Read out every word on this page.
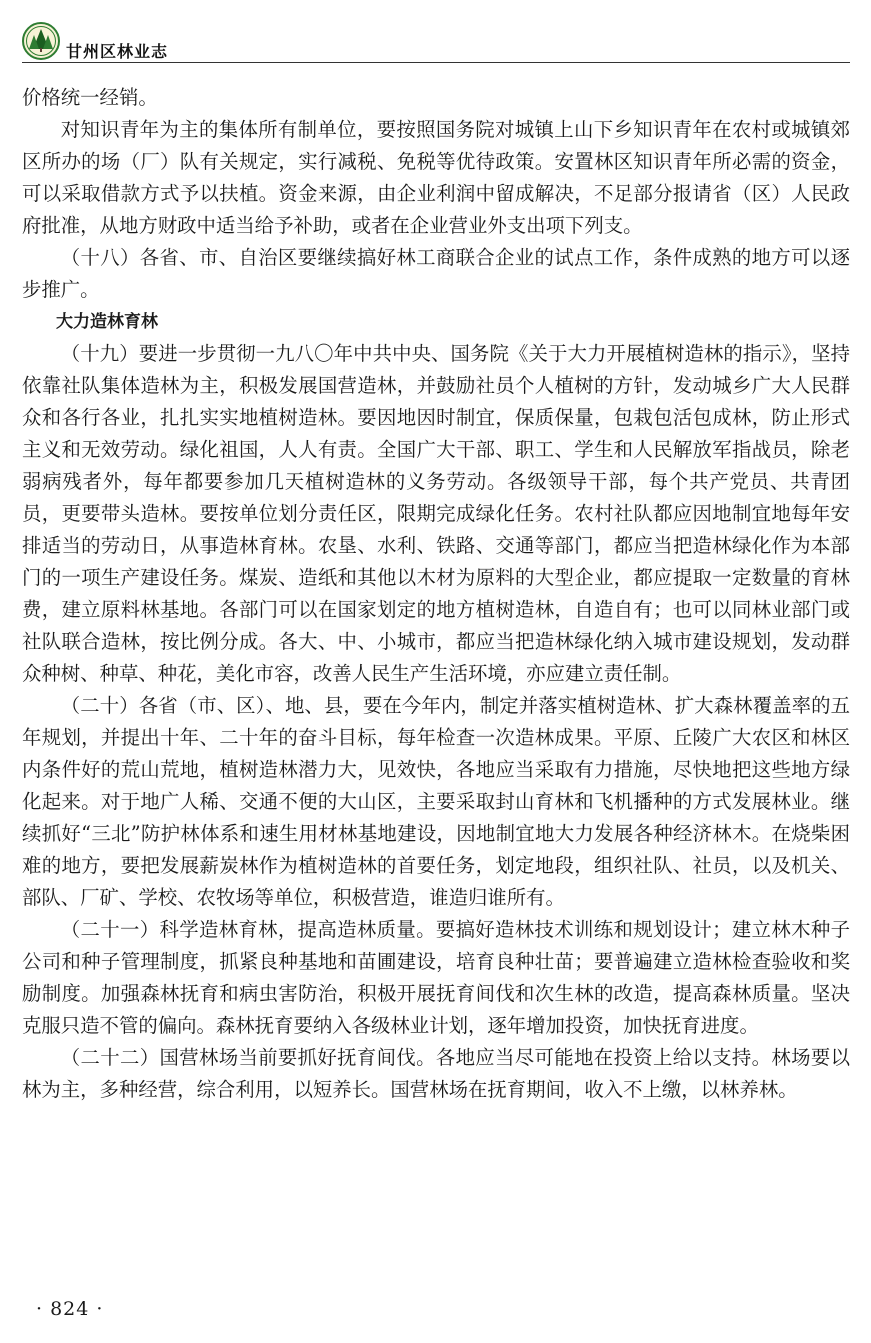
甘州区林业志

价格统一经销。

对知识青年为主的集体所有制单位，要按照国务院对城镇上山下乡知识青年在农村或城镇郊区所办的场（厂）队有关规定，实行减税、免税等优待政策。安置林区知识青年所必需的资金，可以采取借款方式予以扶植。资金来源，由企业利润中留成解决，不足部分报请省（区）人民政府批准，从地方财政中适当给予补助，或者在企业营业外支出项下列支。

（十八）各省、市、自治区要继续搞好林工商联合企业的试点工作，条件成熟的地方可以逐步推广。

大力造林育林

（十九）要进一步贯彻一九八〇年中共中央、国务院《关于大力开展植树造林的指示》，坚持依靠社队集体造林为主，积极发展国营造林，并鼓励社员个人植树的方针，发动城乡广大人民群众和各行各业，扎扎实实地植树造林。要因地因时制宜，保质保量，包栽包活包成林，防止形式主义和无效劳动。绿化祖国，人人有责。全国广大干部、职工、学生和人民解放军指战员，除老弱病残者外，每年都要参加几天植树造林的义务劳动。各级领导干部，每个共产党员、共青团员，更要带头造林。要按单位划分责任区，限期完成绿化任务。农村社队都应因地制宜地每年安排适当的劳动日，从事造林育林。农垦、水利、铁路、交通等部门，都应当把造林绿化作为本部门的一项生产建设任务。煤炭、造纸和其他以木材为原料的大型企业，都应提取一定数量的育林费，建立原料林基地。各部门可以在国家划定的地方植树造林，自造自有；也可以同林业部门或社队联合造林，按比例分成。各大、中、小城市，都应当把造林绿化纳入城市建设规划，发动群众种树、种草、种花，美化市容，改善人民生产生活环境，亦应建立责任制。

（二十）各省（市、区）、地、县，要在今年内，制定并落实植树造林、扩大森林覆盖率的五年规划，并提出十年、二十年的奋斗目标，每年检查一次造林成果。平原、丘陵广大农区和林区内条件好的荒山荒地，植树造林潜力大，见效快，各地应当采取有力措施，尽快地把这些地方绿化起来。对于地广人稀、交通不便的大山区，主要采取封山育林和飞机播种的方式发展林业。继续抓好“三北”防护林体系和速生用材林基地建设，因地制宜地大力发展各种经济林木。在烧柴困难的地方，要把发展薪炭林作为植树造林的首要任务，划定地段，组织社队、社员，以及机关、部队、厂矿、学校、农牧场等单位，积极营造，谁造归谁所有。

（二十一）科学造林育林，提高造林质量。要搞好造林技术训练和规划设计；建立林木种子公司和种子管理制度，抓紧良种基地和苗圃建设，培育良种壮苗；要普遍建立造林检查验收和奖励制度。加强森林抚育和病虫害防治，积极开展抚育间伐和次生林的改造，提高森林质量。坚决克服只造不管的偏向。森林抚育要纳入各级林业计划，逐年增加投资，加快抚育进度。

（二十二）国营林场当前要抓好抚育间伐。各地应当尽可能地在投资上给以支持。林场要以林为主，多种经营，综合利用，以短养长。国营林场在抚育期间，收入不上缴，以林养林。

· 824 ·
